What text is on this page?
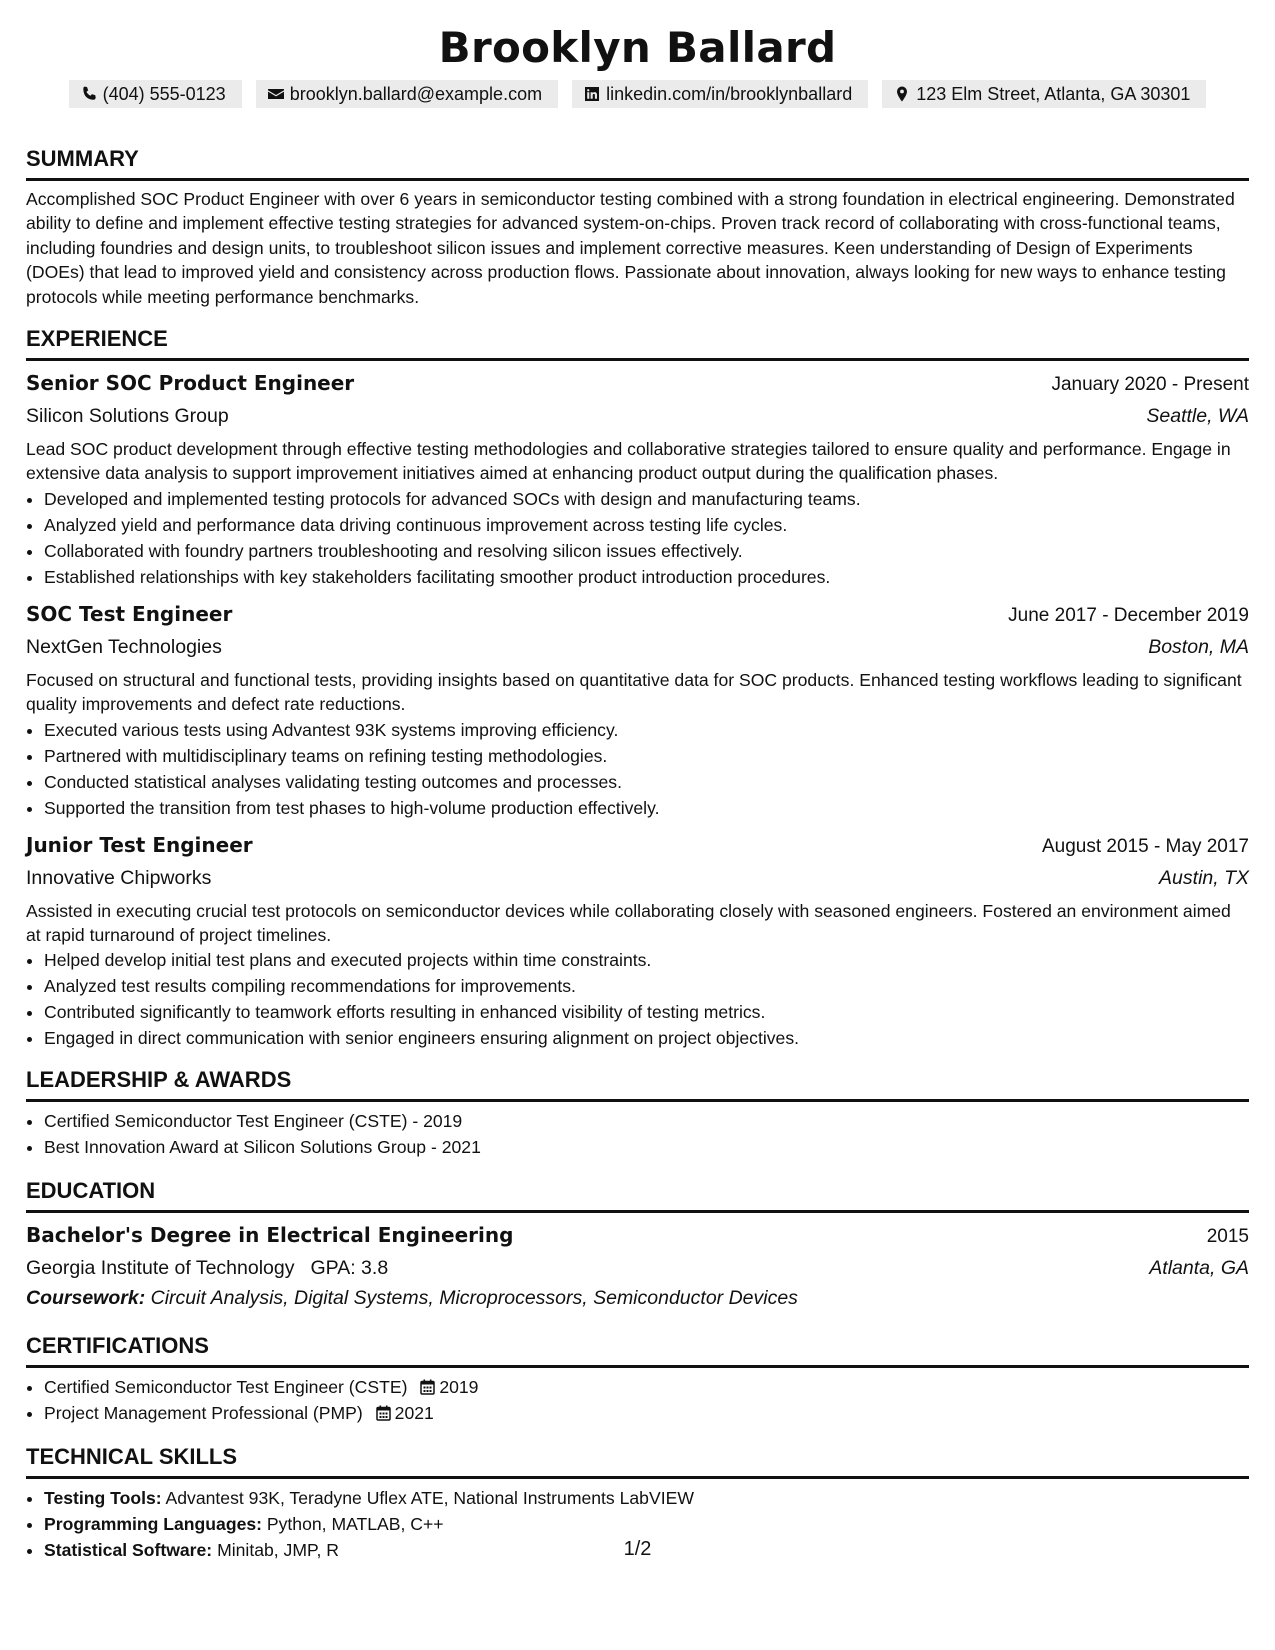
Brooklyn Ballard
(404) 555-0123	brooklyn.ballard@example.com	linkedin.com/in/brooklynballard	123 Elm Street, Atlanta, GA 30301
SUMMARY

Accomplished SOC Product Engineer with over 6 years in semiconductor testing combined with a strong foundation in electrical engineering. Demonstrated ability to define and implement effective testing strategies for advanced system-on-chips. Proven track record of collaborating with cross-functional teams, including foundries and design units, to troubleshoot silicon issues and implement corrective measures. Keen understanding of Design of Experiments (DOEs) that lead to improved yield and consistency across production flows. Passionate about innovation, always looking for new ways to enhance testing protocols while meeting performance benchmarks.

EXPERIENCE
Senior SOC Product Engineer	January 2020 - Present
Silicon Solutions Group	Seattle, WA

Lead SOC product development through effective testing methodologies and collaborative strategies tailored to ensure quality and performance. Engage in extensive data analysis to support improvement initiatives aimed at enhancing product output during the qualification phases.

• Developed and implemented testing protocols for advanced SOCs with design and manufacturing teams.
• Analyzed yield and performance data driving continuous improvement across testing life cycles.
• Collaborated with foundry partners troubleshooting and resolving silicon issues effectively.
• Established relationships with key stakeholders facilitating smoother product introduction procedures.
SOC Test Engineer	June 2017 - December 2019
NextGen Technologies	Boston, MA

Focused on structural and functional tests, providing insights based on quantitative data for SOC products. Enhanced testing workflows leading to significant quality improvements and defect rate reductions.

• Executed various tests using Advantest 93K systems improving efficiency.
• Partnered with multidisciplinary teams on refining testing methodologies.
• Conducted statistical analyses validating testing outcomes and processes.
• Supported the transition from test phases to high-volume production effectively.
Junior Test Engineer	August 2015 - May 2017
Innovative Chipworks	Austin, TX

Assisted in executing crucial test protocols on semiconductor devices while collaborating closely with seasoned engineers. Fostered an environment aimed at rapid turnaround of project timelines.

• Helped develop initial test plans and executed projects within time constraints.
• Analyzed test results compiling recommendations for improvements.
• Contributed significantly to teamwork efforts resulting in enhanced visibility of testing metrics.
• Engaged in direct communication with senior engineers ensuring alignment on project objectives.
LEADERSHIP & AWARDS
• Certified Semiconductor Test Engineer (CSTE) - 2019
• Best Innovation Award at Silicon Solutions Group - 2021
EDUCATION
Bachelor's Degree in Electrical Engineering	2015
Georgia Institute of Technology GPA: 3.8	Atlanta, GA
Coursework: Circuit Analysis, Digital Systems, Microprocessors, Semiconductor Devices
CERTIFICATIONS
• Certified Semiconductor Test Engineer (CSTE) 2019
• Project Management Professional (PMP) 2021
TECHNICAL SKILLS
• Testing Tools: Advantest 93K, Teradyne Uflex ATE, National Instruments LabVIEW
• Programming Languages: Python, MATLAB, C++
• Statistical Software: Minitab, JMP, R	1/2
